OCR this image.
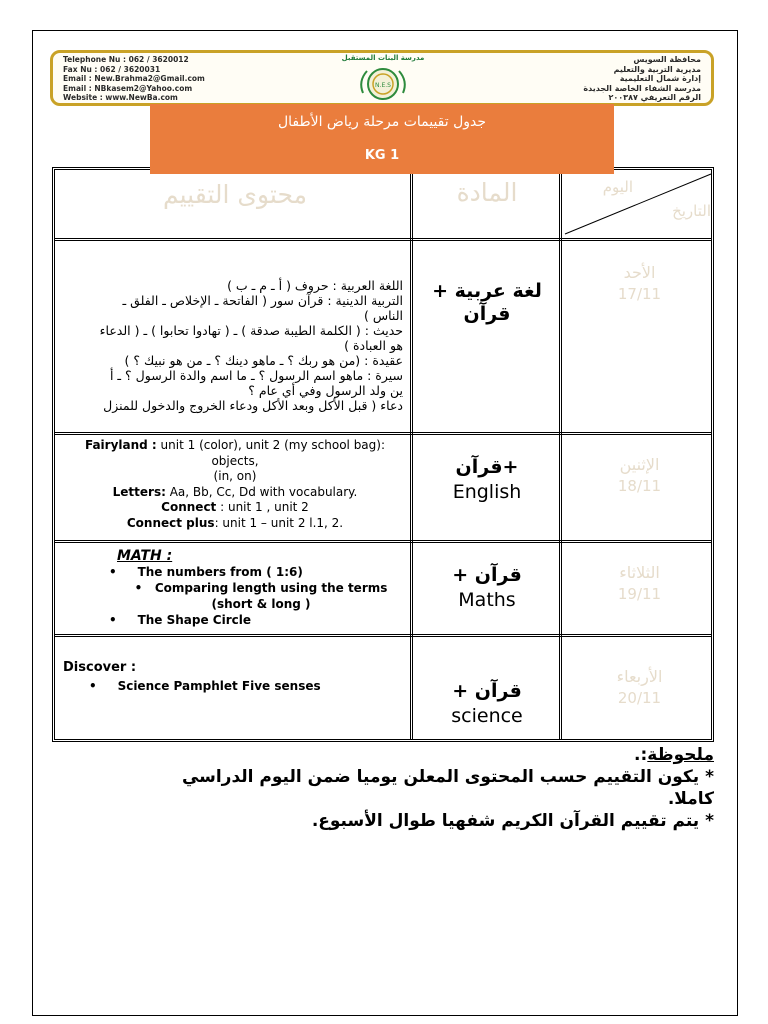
Telephone Nu : 062 / 3620012
Fax Nu : 062 / 3620031
Email : New.Brahma2@Gmail.com
Email : NBkasem2@Yahoo.com
Website : www.NewBa.com
مدرسة البنات المستقبل
N.E.S
محافظة السويس
مديرية التربية والتعليم
إدارة شمال التعليمية
مدرسة الشفاء الخاصة الجديدة
الرقم التعريفي ٢٠٠٣٨٧
محتوى التقييم	المادة	اليوم
التاريخ
الأحد
17/11
لغة عربية + قرآن
اللغة العربية : حروف ( أ ـ م ـ ب )
التربية الدينية : قرآن سور ( الفاتحة ـ الإخلاص ـ الفلق ـ
الناس )
حديث : ( الكلمة الطيبة صدقة ) ـ ( تهادوا تحابوا ) ـ ( الدعاء
هو العبادة )
عقيدة : (من هو ربك ؟ ـ ماهو دينك ؟ ـ من هو نبيك ؟ )
سيرة : ماهو اسم الرسول ؟ ـ ما اسم والدة الرسول ؟ ـ أ
ين ولد الرسول وفي أي عام ؟
دعاء ( قبل الأكل وبعد الأكل ودعاء الخروج والدخول للمنزل
الإثنين
18/11
+قرآن
English
Fairyland : unit 1 (color), unit 2 (my school bag): objects,
(in, on)
Letters: Aa, Bb, Cc, Dd with vocabulary.
Connect : unit 1 , unit 2
Connect plus: unit 1 – unit 2 l.1, 2.
الثلاثاء
19/11
قرآن +
Maths
MATH :
•     The numbers from ( 1:6)
•   Comparing length using the terms (short & long )
•     The Shape Circle
الأربعاء
20/11
قرآن +
science
Discover :
•     Science Pamphlet Five senses
جدول تقييمات مرحلة رياض الأطفال
KG 1
ملحوظة:.
* يكون التقييم حسب المحتوى المعلن يوميا ضمن اليوم الدراسي
كاملا.
* يتم تقييم القرآن الكريم شفهيا طوال الأسبوع.
